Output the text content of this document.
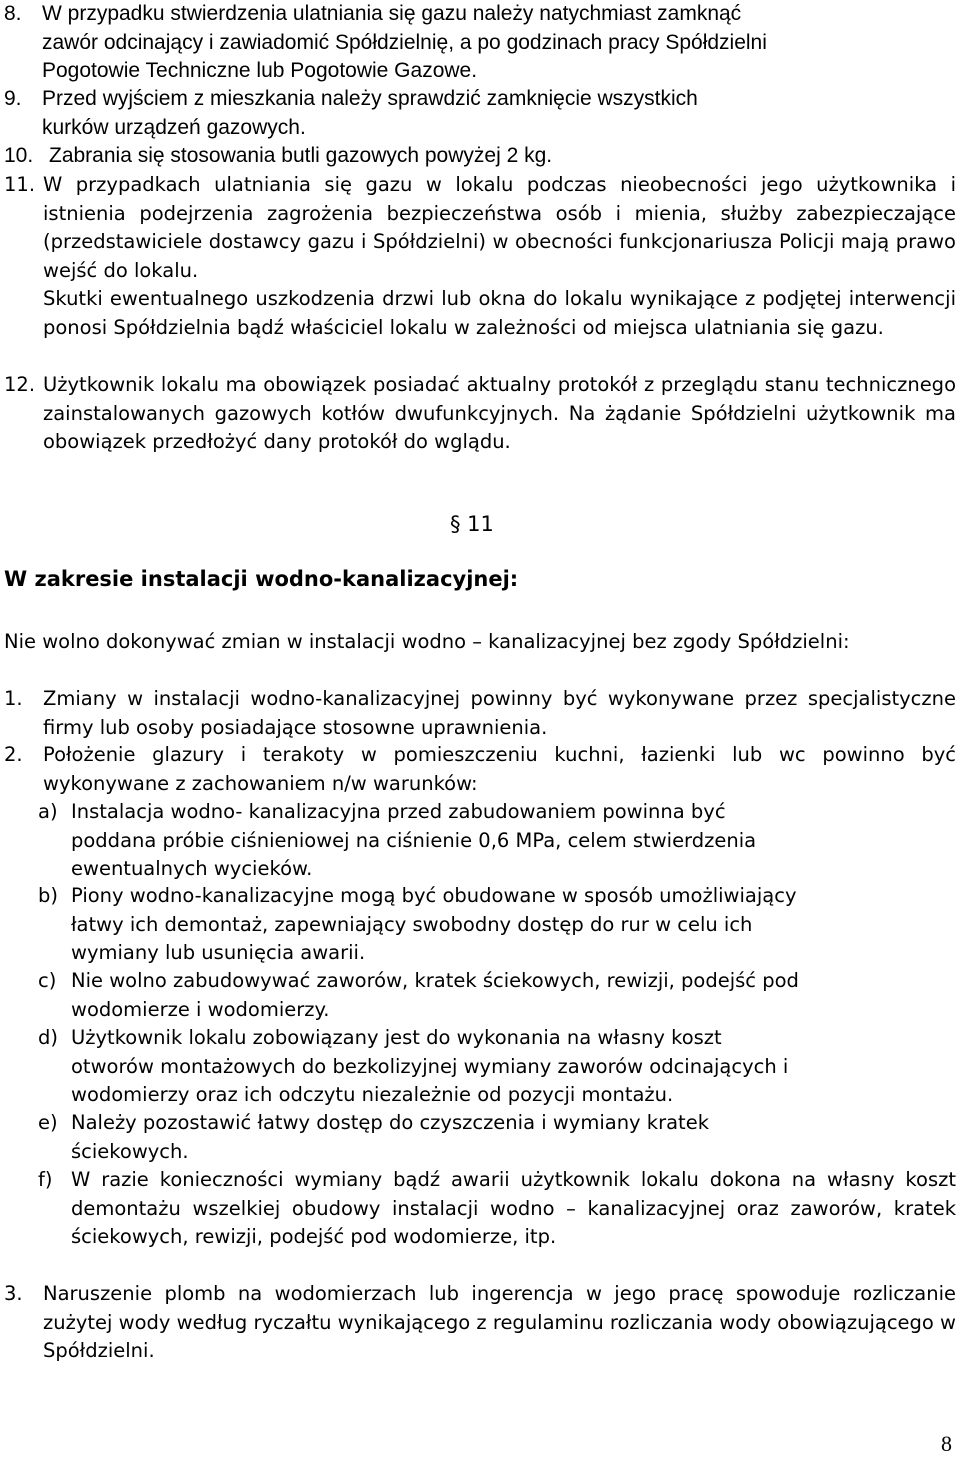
8. W przypadku stwierdzenia ulatniania się gazu należy natychmiast zamknąć
zawór odcinający i zawiadomić Spółdzielnię, a po godzinach pracy Spółdzielni
Pogotowie Techniczne lub Pogotowie Gazowe.
9. Przed wyjściem z mieszkania należy sprawdzić zamknięcie wszystkich
kurków urządzeń gazowych.
10. Zabrania się stosowania butli gazowych powyżej 2 kg.
11. W przypadkach ulatniania się gazu w lokalu podczas nieobecności jego użytkownika i istnienia podejrzenia zagrożenia bezpieczeństwa osób i mienia, służby zabezpieczające (przedstawiciele dostawcy gazu i Spółdzielni) w obecności funkcjonariusza Policji mają prawo wejść do lokalu.
Skutki ewentualnego uszkodzenia drzwi lub okna do lokalu wynikające z podjętej interwencji ponosi Spółdzielnia bądź właściciel lokalu w zależności od miejsca ulatniania się gazu.
12. Użytkownik lokalu ma obowiązek posiadać aktualny protokół z przeglądu stanu technicznego zainstalowanych gazowych kotłów dwufunkcyjnych. Na żądanie Spółdzielni użytkownik ma obowiązek przedłożyć dany protokół do wglądu.
§ 11
W zakresie instalacji wodno-kanalizacyjnej:
Nie wolno dokonywać zmian w instalacji wodno – kanalizacyjnej bez zgody Spółdzielni:
1. Zmiany w instalacji wodno-kanalizacyjnej powinny być wykonywane przez specjalistyczne firmy lub osoby posiadające stosowne uprawnienia.
2. Położenie glazury i terakoty w pomieszczeniu kuchni, łazienki lub wc powinno być wykonywane z zachowaniem n/w warunków:
a) Instalacja wodno- kanalizacyjna przed zabudowaniem powinna być
poddana próbie ciśnieniowej na ciśnienie 0,6 MPa, celem stwierdzenia
ewentualnych wycieków.
b) Piony wodno-kanalizacyjne mogą być obudowane w sposób umożliwiający
łatwy ich demontaż, zapewniający swobodny dostęp do rur w celu ich
wymiany lub usunięcia awarii.
c) Nie wolno zabudowywać zaworów, kratek ściekowych, rewizji, podejść pod
wodomierze i wodomierzy.
d) Użytkownik lokalu zobowiązany jest do wykonania na własny koszt
otworów montażowych do bezkolizyjnej wymiany zaworów odcinających i
wodomierzy oraz ich odczytu niezależnie od pozycji montażu.
e) Należy pozostawić łatwy dostęp do czyszczenia i wymiany kratek
ściekowych.
f) W razie konieczności wymiany bądź awarii użytkownik lokalu dokona na własny koszt demontażu wszelkiej obudowy instalacji wodno – kanalizacyjnej oraz zaworów, kratek ściekowych, rewizji, podejść pod wodomierze, itp.
3. Naruszenie plomb na wodomierzach lub ingerencja w jego pracę spowoduje rozliczanie zużytej wody według ryczałtu wynikającego z regulaminu rozliczania wody obowiązującego w Spółdzielni.
8
